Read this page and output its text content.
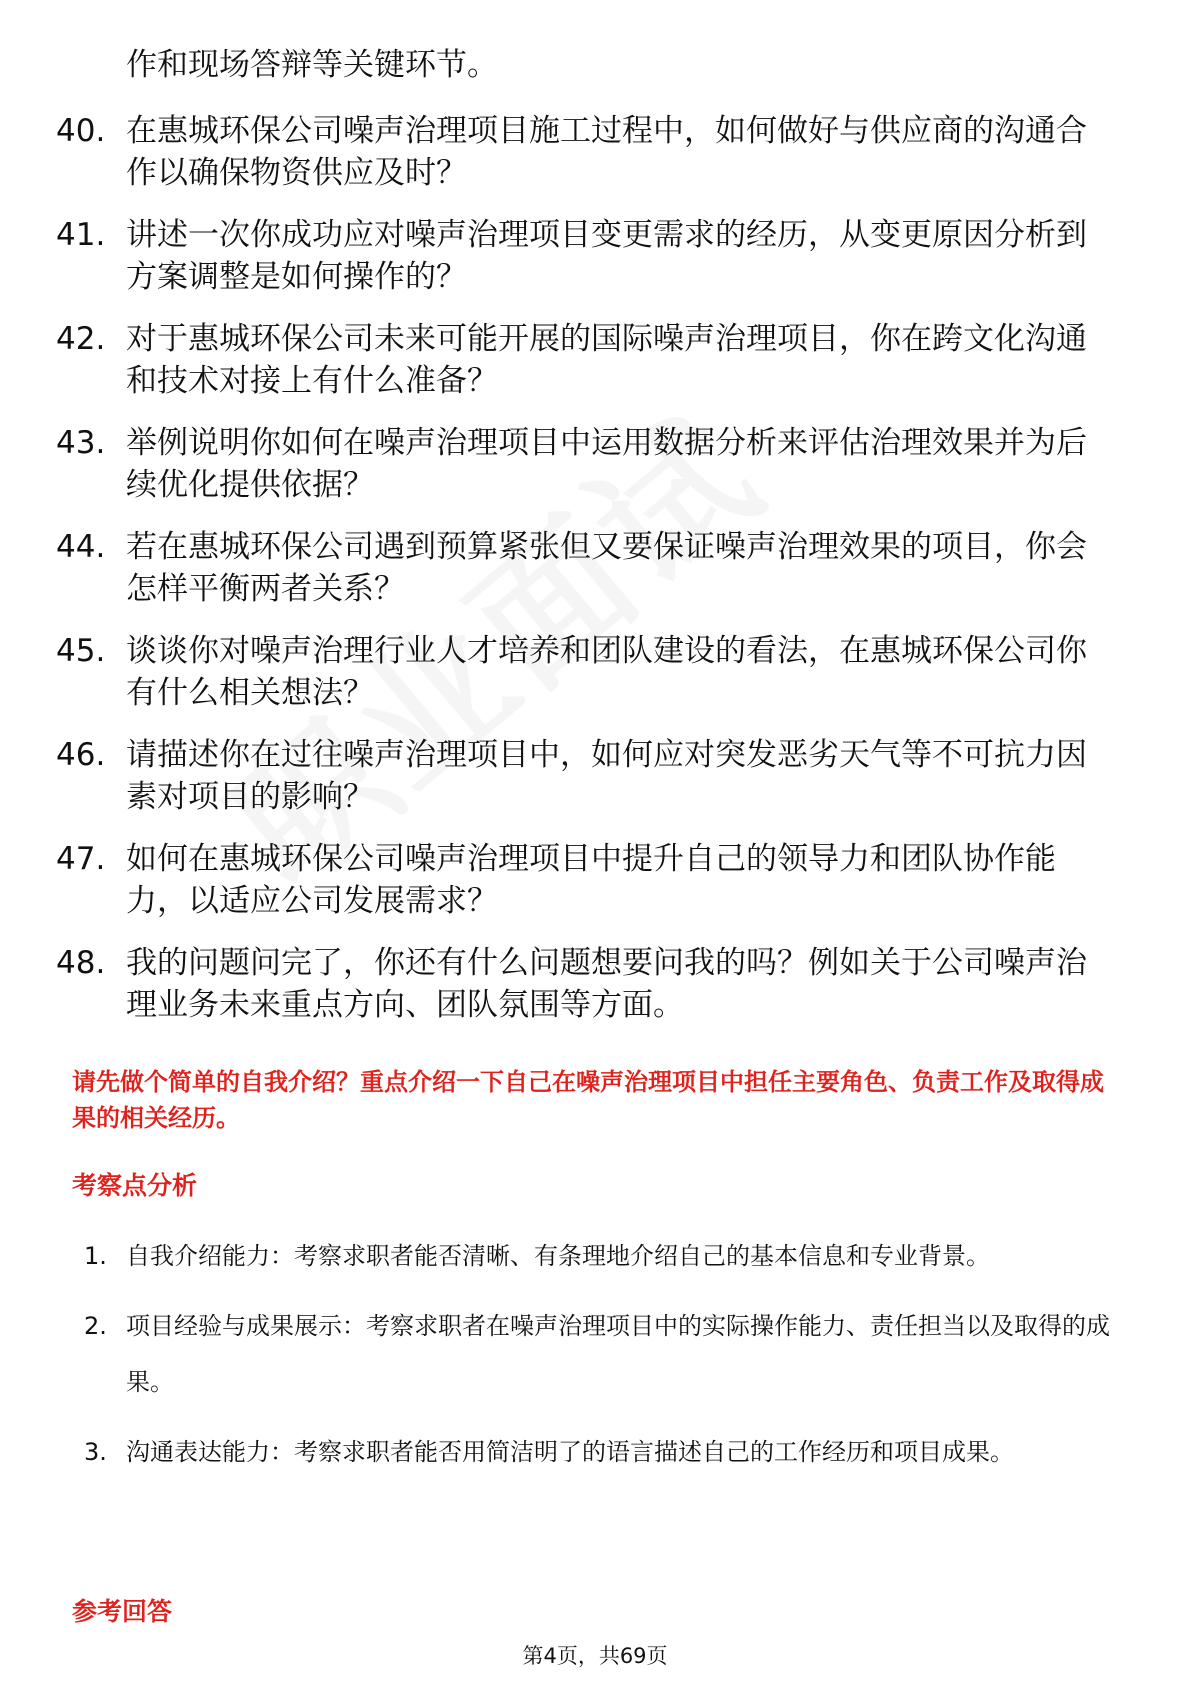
作和现场答辩等关键环节。
40. 在惠城环保公司噪声治理项目施工过程中，如何做好与供应商的沟通合作以确保物资供应及时？
41. 讲述一次你成功应对噪声治理项目变更需求的经历，从变更原因分析到方案调整是如何操作的？
42. 对于惠城环保公司未来可能开展的国际噪声治理项目，你在跨文化沟通和技术对接上有什么准备？
43. 举例说明你如何在噪声治理项目中运用数据分析来评估治理效果并为后续优化提供依据？
44. 若在惠城环保公司遇到预算紧张但又要保证噪声治理效果的项目，你会怎样平衡两者关系？
45. 谈谈你对噪声治理行业人才培养和团队建设的看法，在惠城环保公司你有什么相关想法？
46. 请描述你在过往噪声治理项目中，如何应对突发恶劣天气等不可抗力因素对项目的影响？
47. 如何在惠城环保公司噪声治理项目中提升自己的领导力和团队协作能力，以适应公司发展需求？
48. 我的问题问完了，你还有什么问题想要问我的吗？例如关于公司噪声治理业务未来重点方向、团队氛围等方面。
请先做个简单的自我介绍？重点介绍一下自己在噪声治理项目中担任主要角色、负责工作及取得成果的相关经历。
考察点分析
1. 自我介绍能力：考察求职者能否清晰、有条理地介绍自己的基本信息和专业背景。
2. 项目经验与成果展示：考察求职者在噪声治理项目中的实际操作能力、责任担当以及取得的成果。
3. 沟通表达能力：考察求职者能否用简洁明了的语言描述自己的工作经历和项目成果。
参考回答
第4页，共69页
